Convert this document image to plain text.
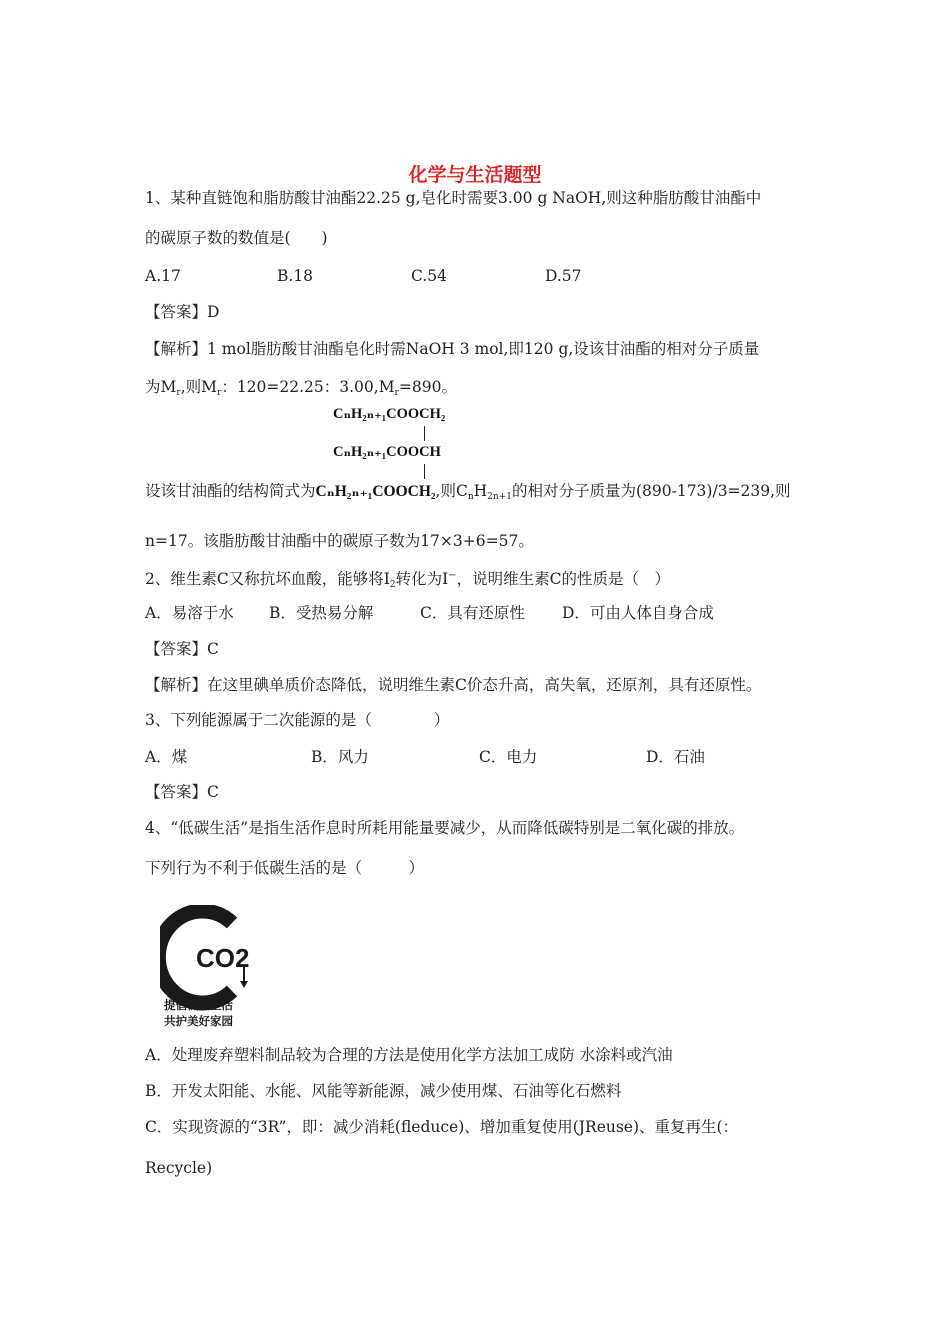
化学与生活题型
1、某种直链饱和脂肪酸甘油酯22.25 g,皂化时需要3.00 g NaOH,则这种脂肪酸甘油酯中
的碳原子数的数值是(　　)
A.17	B.18	C.54	D.57
【答案】D
【解析】1 mol脂肪酸甘油酯皂化时需NaOH 3 mol,即120 g,设该甘油酯的相对分子质量
为$M_r$,则$M_r$：120=22.25：$3.00,M_r=890$。
CₙH₂ₙ₊₁COOCH₂
CₙH₂ₙ₊₁COOCH
设该甘油酯的结构简式为CₙH₂ₙ₊₁COOCH₂,则$C_nH_{2n+1}$的相对分子质量为(890-173)/3=239,则
n=17。该脂肪酸甘油酯中的碳原子数为17×3+6=57。
2、维生素C又称抗坏血酸，能够将$I_2$转化为I−，说明维生素C的性质是（　）
A．易溶于水 B．受热易分解	C．具有还原性 D．可由人体自身合成
【答案】C
【解析】在这里碘单质价态降低，说明维生素C价态升高，高失氧，还原剂，具有还原性。
3、下列能源属于二次能源的是（　　　　）
A．煤	B．风力	C．电力	D．石油
【答案】C
4、“低碳生活”是指生活作息时所耗用能量要减少，从而降低碳特别是二氧化碳的排放。
下列行为不利于低碳生活的是（　　　）
CO2
提倡低碳生活
共护美好家园
A．处理废弃塑料制品较为合理的方法是使用化学方法加工成防 水涂料或汽油
B．开发太阳能、水能、风能等新能源，减少使用煤、石油等化石燃料
C．实现资源的“3R”，即：减少消耗(flеduce)、增加重复使用(JReuse)、重复再生(：
Recycle)
